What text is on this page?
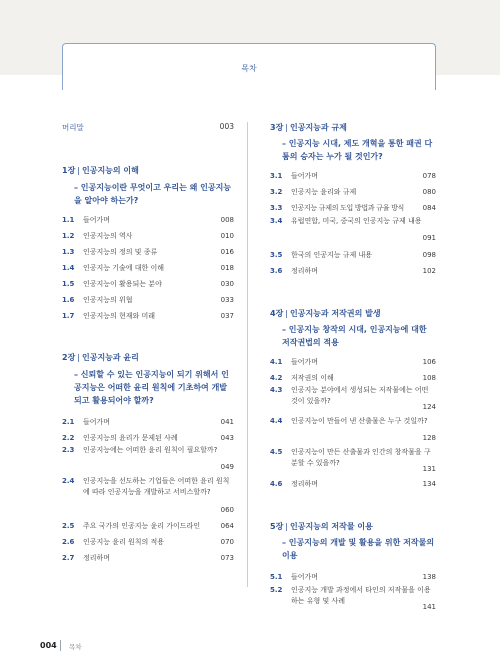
목차
머리말	003
1장 | 인공지능의 이해
– 인공지능이란 무엇이고 우리는 왜 인공지능을 알아야 하는가?
1.1 들어가며	008
1.2 인공지능의 역사	010
1.3 인공지능의 정의 및 종류	016
1.4 인공지능 기술에 대한 이해	018
1.5 인공지능이 활용되는 분야	030
1.6 인공지능의 위협	033
1.7 인공지능의 현재와 미래	037
2장 | 인공지능과 윤리
– 신뢰할 수 있는 인공지능이 되기 위해서 인공지능은 어떠한 윤리 원칙에 기초하여 개발되고 활용되어야 할까?
2.1 들어가며	041
2.2 인공지능의 윤리가 문제된 사례	043
2.3 인공지능에는 어떠한 윤리 원칙이 필요할까?
049
2.4 인공지능을 선도하는 기업들은 어떠한 윤리 원칙에 따라 인공지능을 개발하고 서비스할까?
060
2.5 주요 국가의 인공지능 윤리 가이드라인	064
2.6 인공지능 윤리 원칙의 적용	070
2.7 정리하며	073
3장 | 인공지능과 규제
– 인공지능 시대, 제도 개혁을 통한 패권 다툼의 승자는 누가 될 것인가?
3.1 들어가며	078
3.2 인공지능 윤리와 규제	080
3.3 인공지능 규제의 도입 방법과 규율 방식	084
3.4 유럽연합, 미국, 중국의 인공지능 규제 내용
091
3.5 한국의 인공지능 규제 내용	098
3.6 정리하며	102
4장 | 인공지능과 저작권의 발생
– 인공지능 창작의 시대, 인공지능에 대한 저작권법의 적용
4.1 들어가며	106
4.2 저작권의 이해	108
4.3 인공지능 분야에서 생성되는 저작물에는 어떤 것이 있을까?
124
4.4 인공지능이 만들어 낸 산출물은 누구 것일까?
128
4.5 인공지능이 만든 산출물과 인간의 창작물을 구분할 수 있을까?
131
4.6 정리하며	134
5장 | 인공지능의 저작물 이용
– 인공지능의 개발 및 활용을 위한 저작물의 이용
5.1 들어가며	138
5.2 인공지능 개발 과정에서 타인의 저작물을 이용하는 유형 및 사례
141
004 목차
